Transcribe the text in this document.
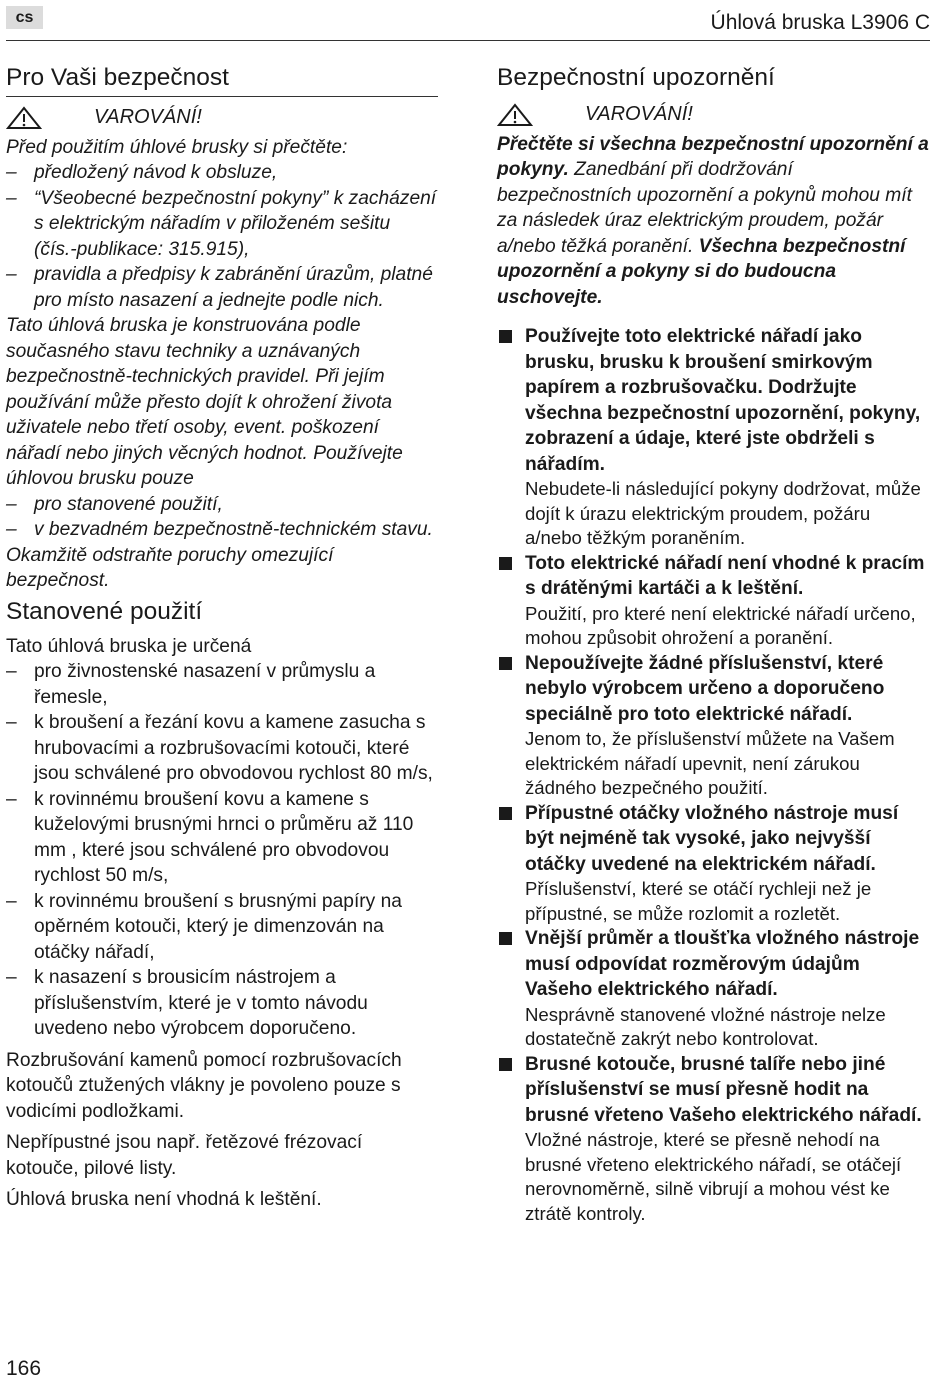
cs	Úhlová bruska L3906 C
Pro Vaši bezpečnost
VAROVÁNÍ!

Před použitím úhlové brusky si přečtěte:

– předložený návod k obsluze,
– “Všeobecné bezpečnostní pokyny” k zacházení s elektrickým nářadím v přiloženém sešitu (čís.-publikace: 315.915),
– pravidla a předpisy k zabránění úrazům, platné pro místo nasazení a jednejte podle nich.

Tato úhlová bruska je konstruována podle současného stavu techniky a uznávaných bezpečnostně-technických pravidel. Při jejím používání může přesto dojít k ohrožení života uživatele nebo třetí osoby, event. poškození nářadí nebo jiných věcných hodnot. Používejte úhlovou brusku pouze

– pro stanovené použití,
– v bezvadném bezpečnostně-technickém stavu.

Okamžitě odstraňte poruchy omezující bezpečnost.

Stanovené použití

Tato úhlová bruska je určená

– pro živnostenské nasazení v průmyslu a řemesle,
– k broušení a řezání kovu a kamene zasucha s hrubovacími a rozbrušovacími kotouči, které jsou schválené pro obvodovou rychlost 80 m/s,
– k rovinnému broušení kovu a kamene s kuželovými brusnými hrnci o průměru až 110 mm , které jsou schválené pro obvodovou rychlost 50 m/s,
– k rovinnému broušení s brusnými papíry na opěrném kotouči, který je dimenzován na otáčky nářadí,
– k nasazení s brousicím nástrojem a příslušenstvím, které je v tomto návodu uvedeno nebo výrobcem doporučeno.

Rozbrušování kamenů pomocí rozbrušovacích kotoučů ztužených vlákny je povoleno pouze s vodicími podložkami.

Nepřípustné jsou např. řetězové frézovací kotouče, pilové listy.

Úhlová bruska není vhodná k leštění.

Bezpečnostní upozornění
VAROVÁNÍ!

Přečtěte si všechna bezpečnostní upozornění a pokyny. Zanedbání při dodržování bezpečnostních upozornění a pokynů mohou mít za následek úraz elektrickým proudem, požár a/nebo těžká poranění. Všechna bezpečnostní upozornění a pokyny si do budoucna uschovejte.

Používejte toto elektrické nářadí jako brusku, brusku k broušení smirkovým papírem a rozbrušovačku. Dodržujte všechna bezpečnostní upozornění, pokyny, zobrazení a údaje, které jste obdrželi s nářadím.
Nebudete-li následující pokyny dodržovat, může dojít k úrazu elektrickým proudem, požáru a/nebo těžkým poraněním.
Toto elektrické nářadí není vhodné k pracím s drátěnými kartáči a k leštění.
Použití, pro které není elektrické nářadí určeno, mohou způsobit ohrožení a poranění.
Nepoužívejte žádné příslušenství, které nebylo výrobcem určeno a doporučeno speciálně pro toto elektrické nářadí.
Jenom to, že příslušenství můžete na Vašem elektrickém nářadí upevnit, není zárukou žádného bezpečného použití.
Přípustné otáčky vložného nástroje musí být nejméně tak vysoké, jako nejvyšší otáčky uvedené na elektrickém nářadí.
Příslušenství, které se otáčí rychleji než je přípustné, se může rozlomit a rozletět.
Vnější průměr a tloušťka vložného nástroje musí odpovídat rozměrovým údajům Vašeho elektrického nářadí.
Nesprávně stanovené vložné nástroje nelze dostatečně zakrýt nebo kontrolovat.
Brusné kotouče, brusné talíře nebo jiné příslušenství se musí přesně hodit na brusné vřeteno Vašeho elektrického nářadí.
Vložné nástroje, které se přesně nehodí na brusné vřeteno elektrického nářadí, se otáčejí nerovnoměrně, silně vibrují a mohou vést ke ztrátě kontroly.
166
